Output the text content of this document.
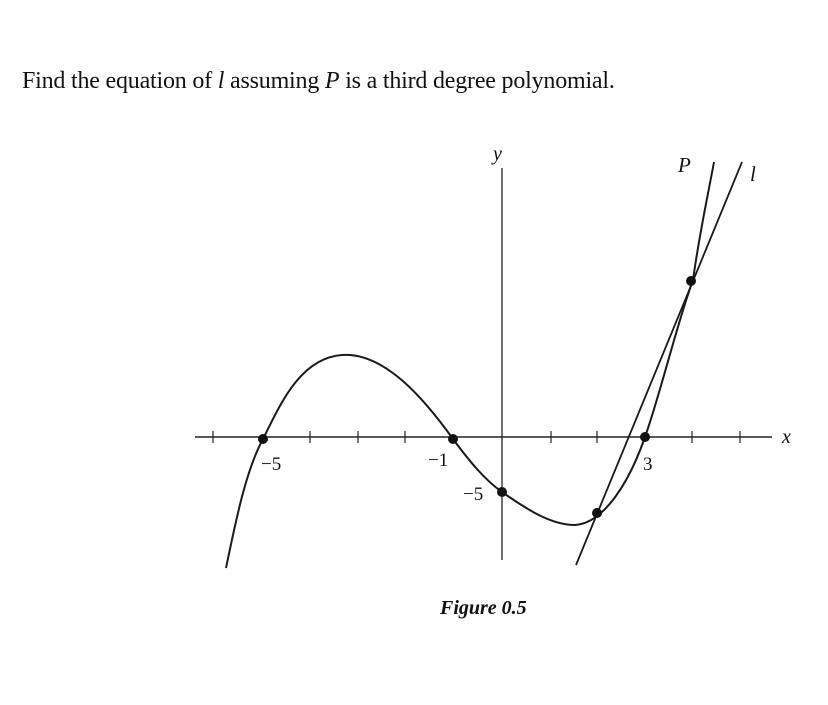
Find the equation of l assuming P is a third degree polynomial.
−5	−1	3
−5
y
x
P	l
Figure 0.5
